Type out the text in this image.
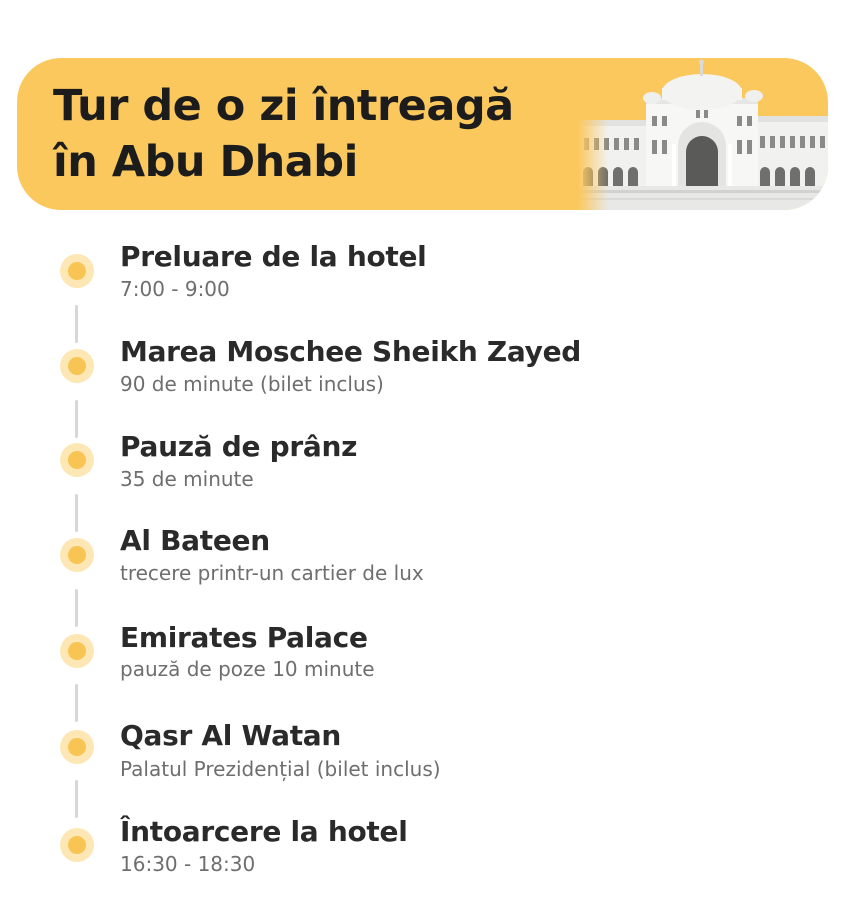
Tur de o zi întreagă
în Abu Dhabi
Preluare de la hotel
7:00 - 9:00
Marea Moschee Sheikh Zayed
90 de minute (bilet inclus)
Pauză de prânz
35 de minute
Al Bateen
trecere printr-un cartier de lux
Emirates Palace
pauză de poze 10 minute
Qasr Al Watan
Palatul Prezidențial (bilet inclus)
Întoarcere la hotel
16:30 - 18:30
